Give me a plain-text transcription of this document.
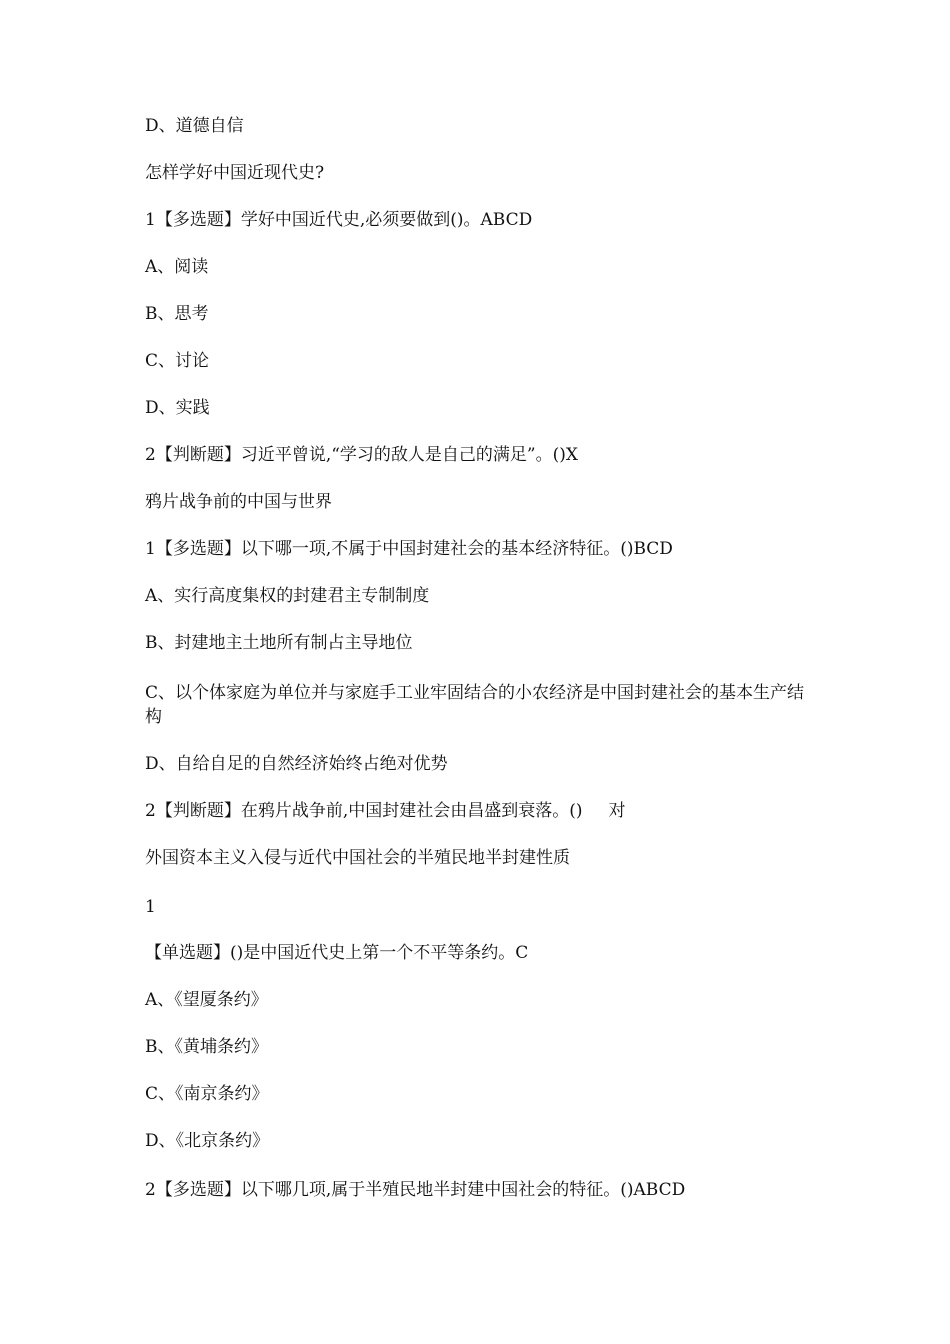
D、道德自信
怎样学好中国近现代史?
1【多选题】学好中国近代史,必须要做到()。ABCD
A、阅读
B、思考
C、讨论
D、实践
2【判断题】习近平曾说,“学习的敌人是自己的满足”。()X
鸦片战争前的中国与世界
1【多选题】以下哪一项,不属于中国封建社会的基本经济特征。()BCD
A、实行高度集权的封建君主专制制度
B、封建地主土地所有制占主导地位
C、以个体家庭为单位并与家庭手工业牢固结合的小农经济是中国封建社会的基本生产结构
D、自给自足的自然经济始终占绝对优势
2【判断题】在鸦片战争前,中国封建社会由昌盛到衰落。() 对
外国资本主义入侵与近代中国社会的半殖民地半封建性质
1
【单选题】()是中国近代史上第一个不平等条约。C
A、《望厦条约》
B、《黄埔条约》
C、《南京条约》
D、《北京条约》
2【多选题】以下哪几项,属于半殖民地半封建中国社会的特征。()ABCD
